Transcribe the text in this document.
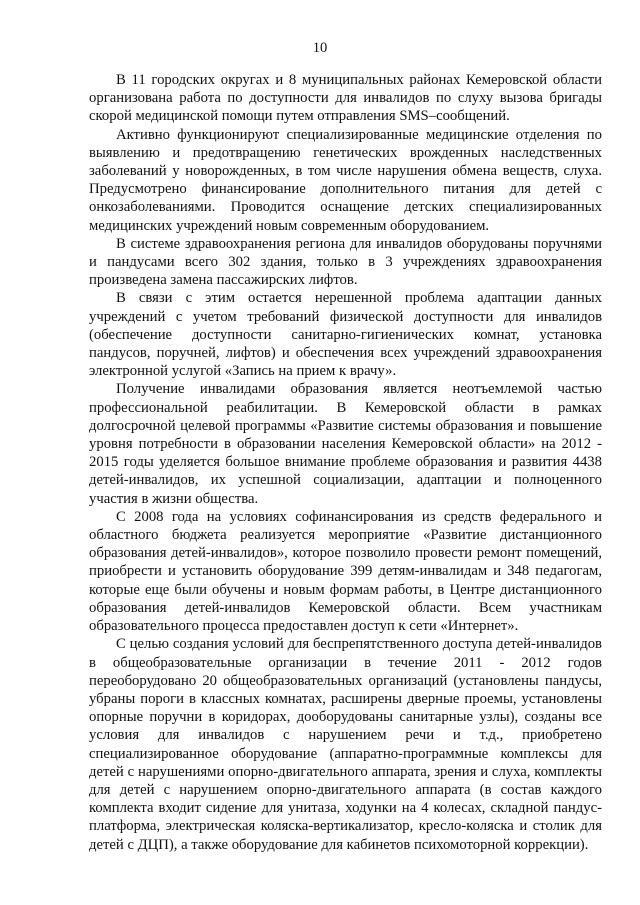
10

В 11 городских округах и 8 муниципальных районах Кемеровской области организована работа по доступности для инвалидов по слуху вызова бригады скорой медицинской помощи путем отправления SMS–сообщений.

Активно функционируют специализированные медицинские отделения по выявлению и предотвращению генетических врожденных наследственных заболеваний у новорожденных, в том числе нарушения обмена веществ, слуха. Предусмотрено финансирование дополнительного питания для детей с онкозаболеваниями. Проводится оснащение детских специализированных медицинских учреждений новым современным оборудованием.

В системе здравоохранения региона для инвалидов оборудованы поручнями и пандусами всего 302 здания, только в 3 учреждениях здравоохранения произведена замена пассажирских лифтов.

В связи с этим остается нерешенной проблема адаптации данных учреждений с учетом требований физической доступности для инвалидов (обеспечение доступности санитарно-гигиенических комнат, установка пандусов, поручней, лифтов) и обеспечения всех учреждений здравоохранения электронной услугой «Запись на прием к врачу».

Получение инвалидами образования является неотъемлемой частью профессиональной реабилитации. В Кемеровской области в рамках долгосрочной целевой программы «Развитие системы образования и повышение уровня потребности в образовании населения Кемеровской области» на 2012 - 2015 годы уделяется большое внимание проблеме образования и развития 4438 детей-инвалидов, их успешной социализации, адаптации и полноценного участия в жизни общества.

С 2008 года на условиях софинансирования из средств федерального и областного бюджета реализуется мероприятие «Развитие дистанционного образования детей-инвалидов», которое позволило провести ремонт помещений, приобрести и установить оборудование 399 детям-инвалидам и 348 педагогам, которые еще были обучены и новым формам работы, в Центре дистанционного образования детей-инвалидов Кемеровской области. Всем участникам образовательного процесса предоставлен доступ к сети «Интернет».

С целью создания условий для беспрепятственного доступа детей-инвалидов в общеобразовательные организации в течение 2011 - 2012 годов переоборудовано 20 общеобразовательных организаций (установлены пандусы, убраны пороги в классных комнатах, расширены дверные проемы, установлены опорные поручни в коридорах, дооборудованы санитарные узлы), созданы все условия для инвалидов с нарушением речи и т.д., приобретено специализированное оборудование (аппаратно-программные комплексы для детей с нарушениями опорно-двигательного аппарата, зрения и слуха, комплекты для детей с нарушением опорно-двигательного аппарата (в состав каждого комплекта входит сидение для унитаза, ходунки на 4 колесах, складной пандус-платформа, электрическая коляска-вертикализатор, кресло-коляска и столик для детей с ДЦП), а также оборудование для кабинетов психомоторной коррекции).
